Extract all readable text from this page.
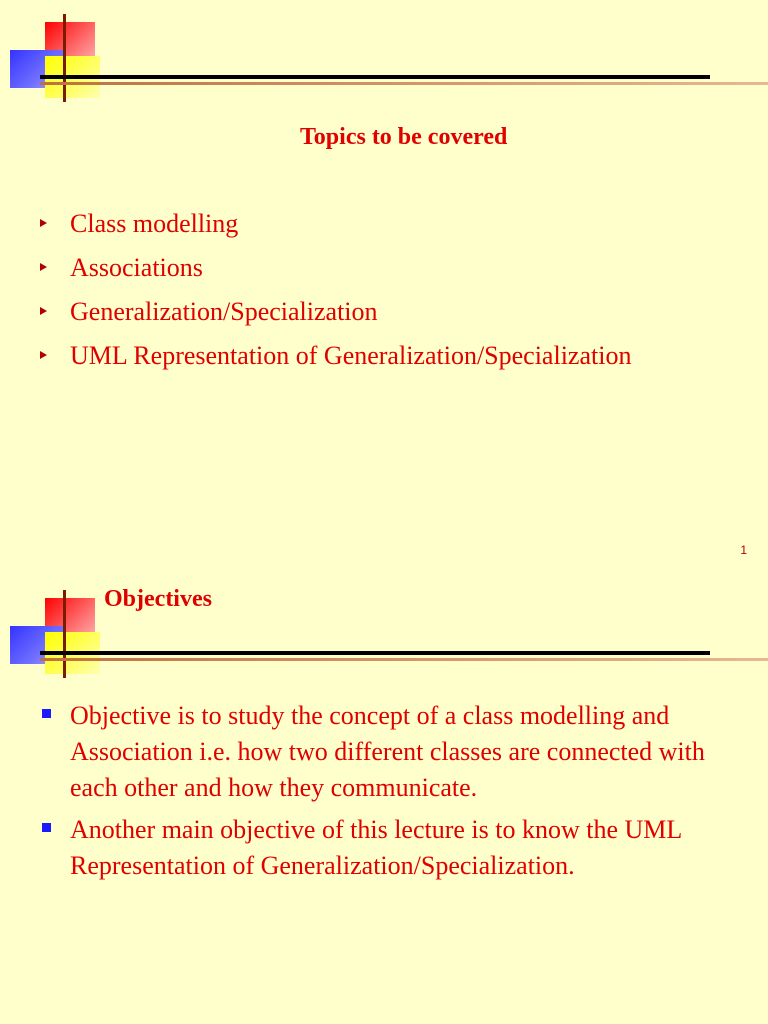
Topics to be covered
Class modelling
Associations
Generalization/Specialization
UML Representation of Generalization/Specialization
1
Objectives
Objective is to study the concept of a class modelling and Association i.e. how two different classes are connected with each other and how they communicate.
Another main objective of this lecture is to know the UML Representation of Generalization/Specialization.
